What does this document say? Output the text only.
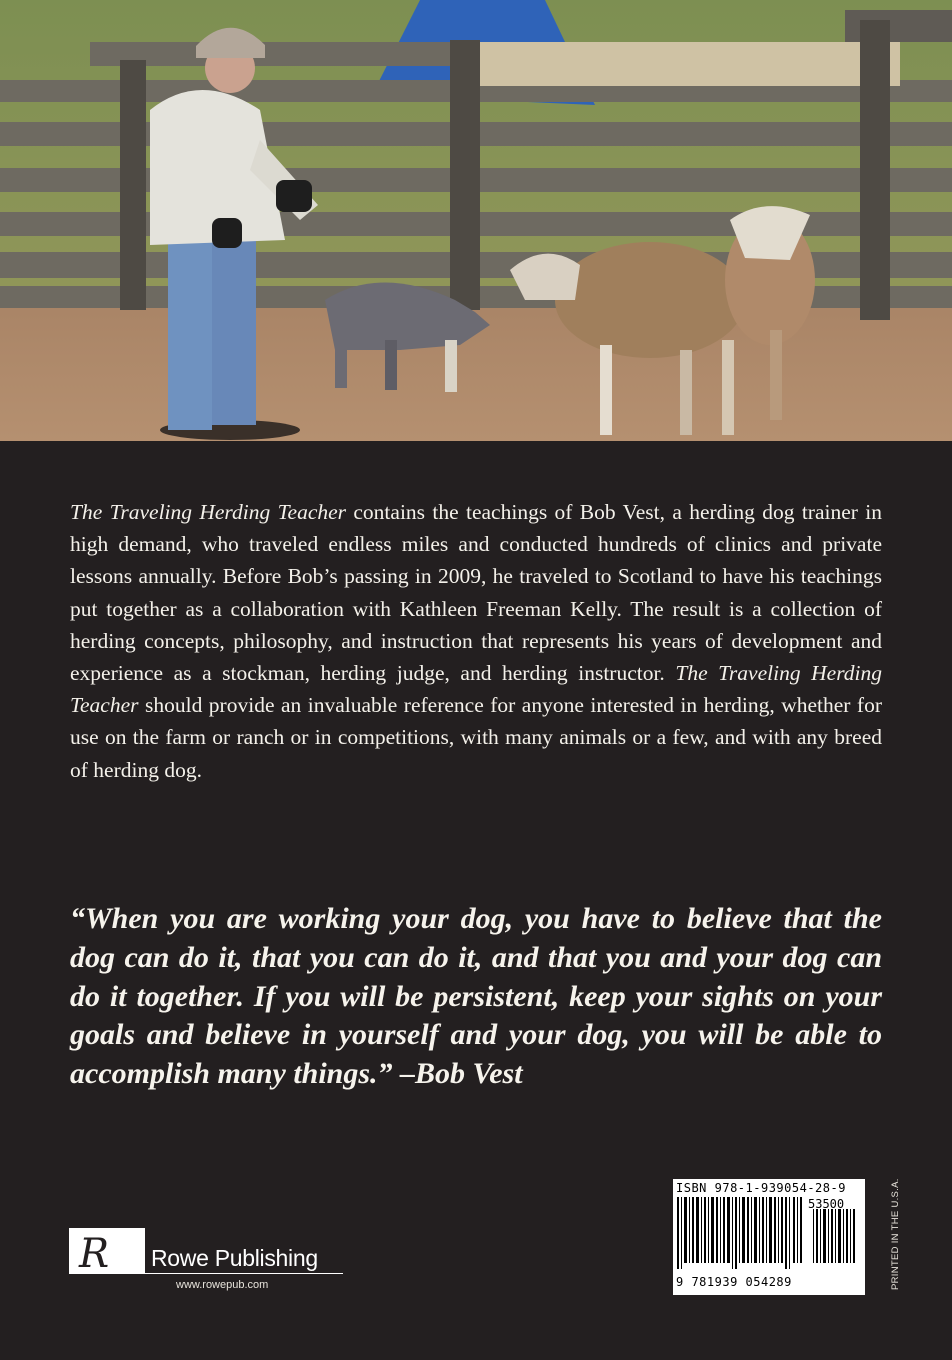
The Traveling Herding Teacher contains the teachings of Bob Vest, a herding dog trainer in high demand, who traveled endless miles and conducted hundreds of clinics and private lessons annually. Before Bob’s passing in 2009, he traveled to Scotland to have his teachings put together as a collaboration with Kathleen Freeman Kelly. The result is a collection of herding concepts, philosophy, and instruction that represents his years of development and experience as a stockman, herding judge, and herding instructor. The Traveling Herding Teacher should provide an invaluable reference for anyone interested in herding, whether for use on the farm or ranch or in competitions, with many animals or a few, and with any breed of herding dog.

“When you are working your dog, you have to believe that the dog can do it, that you can do it, and that you and your dog can do it together. If you will be persistent, keep your sights on your goals and believe in yourself and your dog, you will be able to accomplish many things.” –Bob Vest

ISBN 978-1-939054-28-9
53500
9 781939 054289	PRINTED IN THE U.S.A.
R Rowe Publishing
www.rowepub.com
